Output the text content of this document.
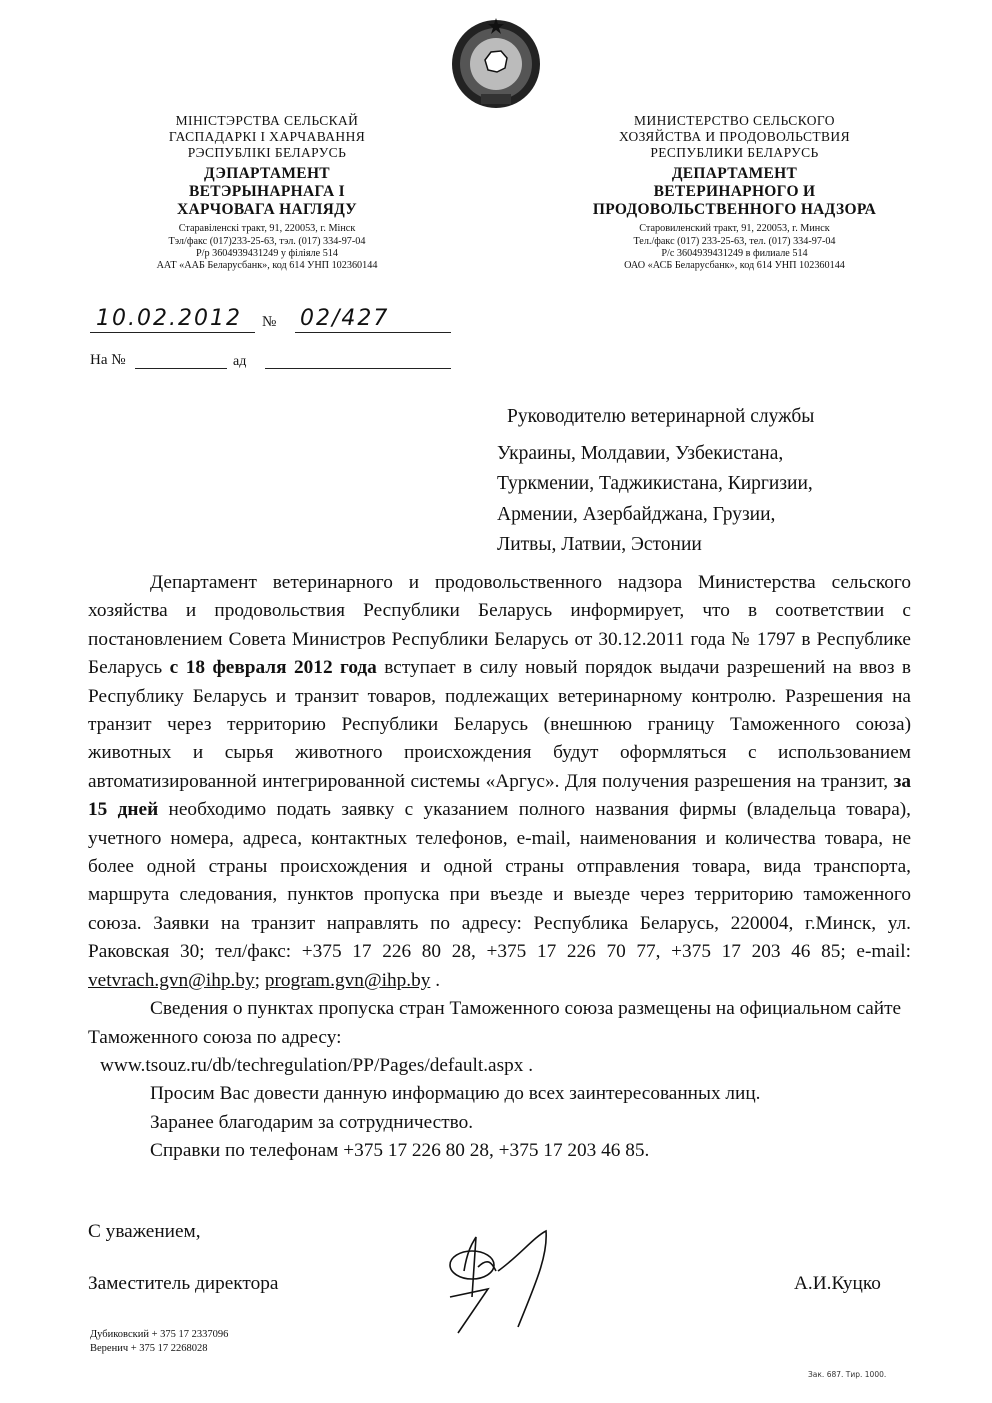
МІНІСТЭРСТВА СЕЛЬСКАЙ
ГАСПАДАРКІ І ХАРЧАВАННЯ
РЭСПУБЛІКІ БЕЛАРУСЬ
ДЭПАРТАМЕНТ
ВЕТЭРЫНАРНАГА І
ХАРЧОВАГА НАГЛЯДУ
Старавіленскі тракт, 91, 220053, г. Мінск
Тэл/факс (017)233-25-63, тэл. (017) 334-97-04
Р/р 3604939431249 у філіяле 514
ААТ «ААБ Беларусбанк», код 614 УНП 102360144
МИНИСТЕРСТВО СЕЛЬСКОГО
ХОЗЯЙСТВА И ПРОДОВОЛЬСТВИЯ
РЕСПУБЛИКИ БЕЛАРУСЬ
ДЕПАРТАМЕНТ
ВЕТЕРИНАРНОГО И
ПРОДОВОЛЬСТВЕННОГО НАДЗОРА
Старовиленский тракт, 91, 220053, г. Минск
Тел./факс (017) 233-25-63, тел. (017) 334-97-04
Р/с 3604939431249 в филиале 514
ОАО «АСБ Беларусбанк», код 614 УНП 102360144
10.02.2012 № 02/427
На №	ад
Руководителю ветеринарной службы
Украины, Молдавии, Узбекистана,
Туркмении, Таджикистана, Киргизии,
Армении, Азербайджана, Грузии,
Литвы, Латвии, Эстонии

Департамент ветеринарного и продовольственного надзора Министерства сельского хозяйства и продовольствия Республики Беларусь информирует, что в соответствии с постановлением Совета Министров Республики Беларусь от 30.12.2011 года № 1797 в Республике Беларусь с 18 февраля 2012 года вступает в силу новый порядок выдачи разрешений на ввоз в Республику Беларусь и транзит товаров, подлежащих ветеринарному контролю. Разрешения на транзит через территорию Республики Беларусь (внешнюю границу Таможенного союза) животных и сырья животного происхождения будут оформляться с использованием автоматизированной интегрированной системы «Аргус». Для получения разрешения на транзит, за 15 дней необходимо подать заявку с указанием полного названия фирмы (владельца товара), учетного номера, адреса, контактных телефонов, e-mail, наименования и количества товара, не более одной страны происхождения и одной страны отправления товара, вида транспорта, маршрута следования, пунктов пропуска при въезде и выезде через территорию таможенного союза. Заявки на транзит направлять по адресу: Республика Беларусь, 220004, г.Минск, ул. Раковская 30; тел/факс: +375 17 226 80 28, +375 17 226 70 77, +375 17 203 46 85; e-mail: vetvrach.gvn@ihp.by; program.gvn@ihp.by .

Сведения о пунктах пропуска стран Таможенного союза размещены на официальном сайте Таможенного союза по адресу:

www.tsouz.ru/db/techregulation/PP/Pages/default.aspx .

Просим Вас довести данную информацию до всех заинтересованных лиц.

Заранее благодарим за сотрудничество.

Справки по телефонам +375 17 226 80 28, +375 17 203 46 85.

С уважением,
Заместитель директора	А.И.Куцко
Дубиковский + 375 17 2337096
Веренич + 375 17 2268028
Зак. 687. Тир. 1000.
